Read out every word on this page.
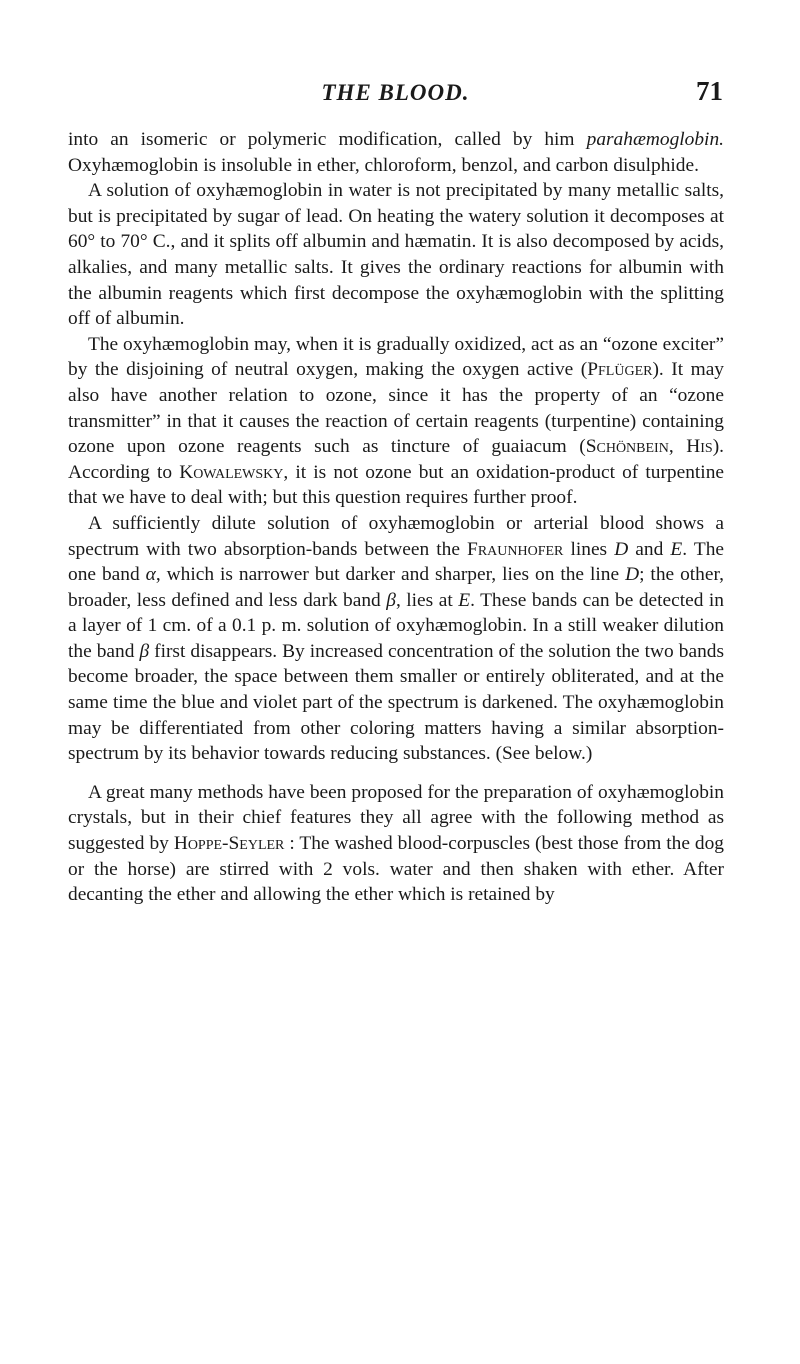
THE BLOOD.	71

into an isomeric or polymeric modification, called by him parahæmoglobin. Oxyhæmoglobin is insoluble in ether, chloroform, benzol, and carbon disulphide.

A solution of oxyhæmoglobin in water is not precipitated by many metallic salts, but is precipitated by sugar of lead. On heating the watery solution it decomposes at 60° to 70° C., and it splits off albumin and hæmatin. It is also decomposed by acids, alkalies, and many metallic salts. It gives the ordinary reactions for albumin with the albumin reagents which first decompose the oxyhæmoglobin with the splitting off of albumin.

The oxyhæmoglobin may, when it is gradually oxidized, act as an “ozone exciter” by the disjoining of neutral oxygen, making the oxygen active (Pflüger). It may also have another relation to ozone, since it has the property of an “ozone transmitter” in that it causes the reaction of certain reagents (turpentine) containing ozone upon ozone reagents such as tincture of guaiacum (Schönbein, His). According to Kowalewsky, it is not ozone but an oxidation-product of turpentine that we have to deal with; but this question requires further proof.

A sufficiently dilute solution of oxyhæmoglobin or arterial blood shows a spectrum with two absorption-bands between the Fraunhofer lines D and E. The one band α, which is narrower but darker and sharper, lies on the line D; the other, broader, less defined and less dark band β, lies at E. These bands can be detected in a layer of 1 cm. of a 0.1 p. m. solution of oxyhæmoglobin. In a still weaker dilution the band β first disappears. By increased concentration of the solution the two bands become broader, the space between them smaller or entirely obliterated, and at the same time the blue and violet part of the spectrum is darkened. The oxyhæmoglobin may be differentiated from other coloring matters having a similar absorption-spectrum by its behavior towards reducing substances. (See below.)

A great many methods have been proposed for the preparation of oxyhæmoglobin crystals, but in their chief features they all agree with the following method as suggested by Hoppe-Seyler : The washed blood-corpuscles (best those from the dog or the horse) are stirred with 2 vols. water and then shaken with ether. After decanting the ether and allowing the ether which is retained by
